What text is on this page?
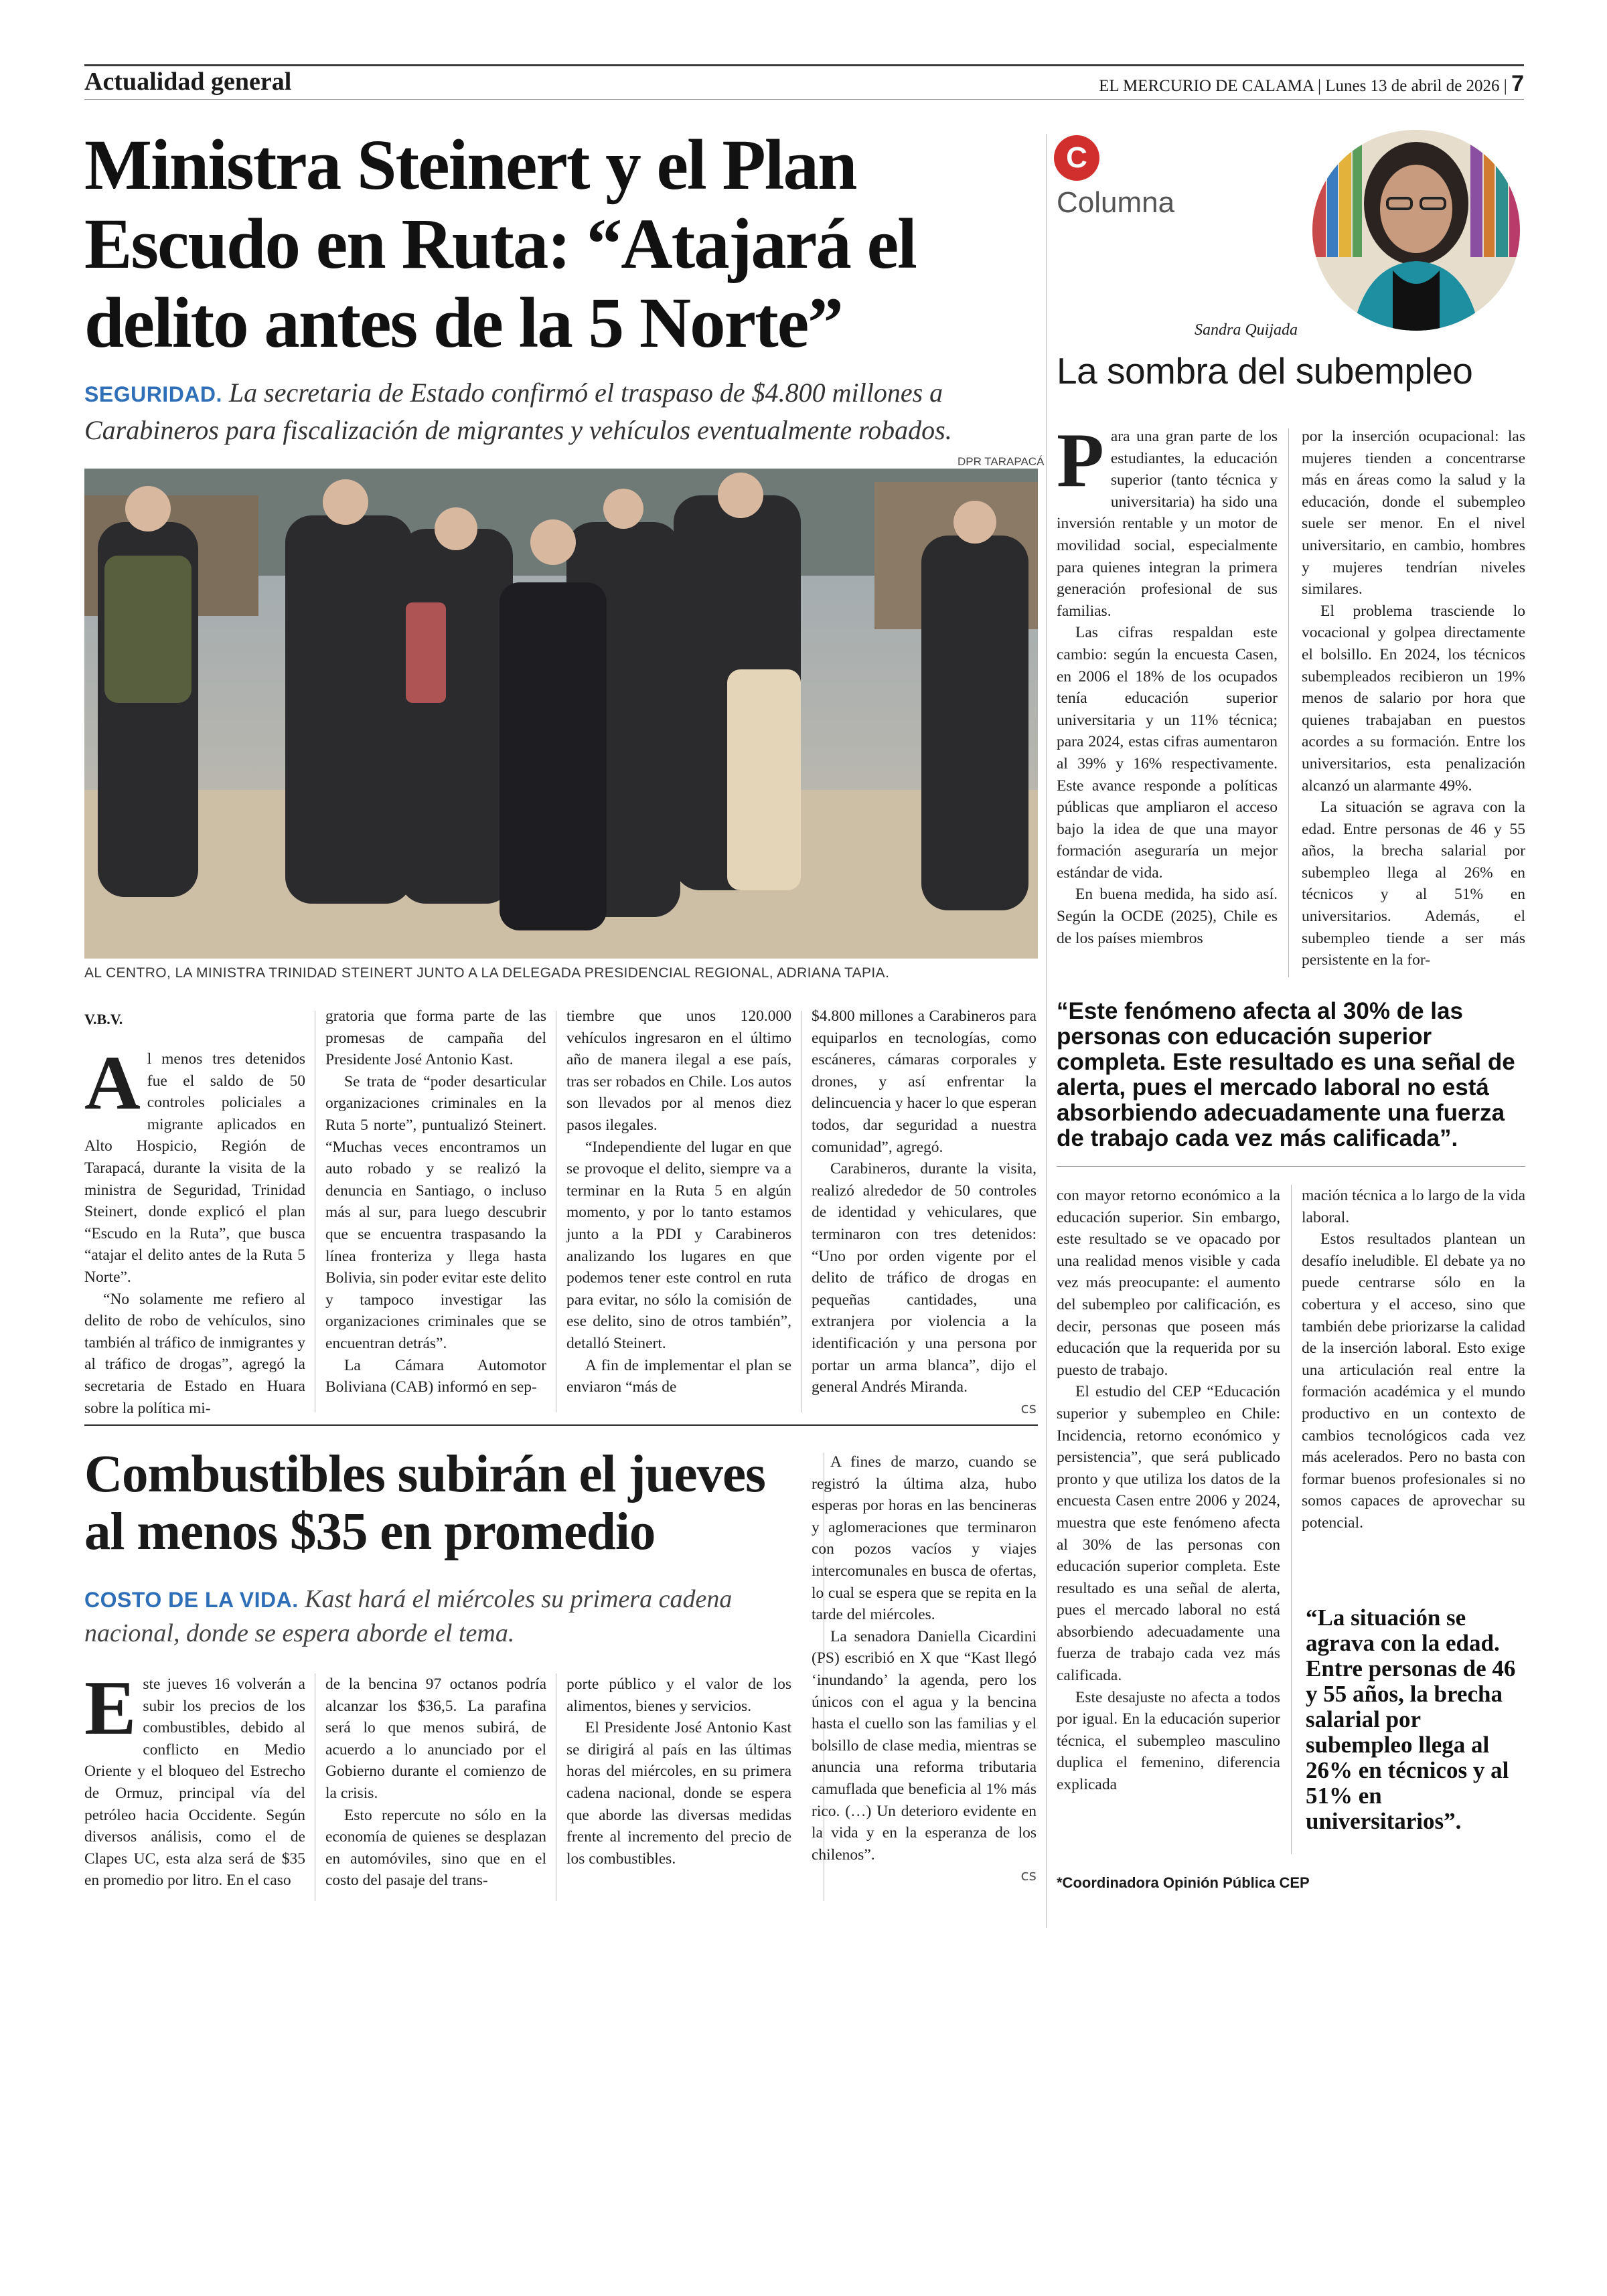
Actualidad general	EL MERCURIO DE CALAMA | Lunes 13 de abril de 2026 | 7
Ministra Steinert y el Plan Escudo en Ruta: “Atajará el delito antes de la 5 Norte”
SEGURIDAD. La secretaria de Estado confirmó el traspaso de $4.800 millones a Carabineros para fiscalización de migrantes y vehículos eventualmente robados.
DPR TARAPACÁ
AL CENTRO, LA MINISTRA TRINIDAD STEINERT JUNTO A LA DELEGADA PRESIDENCIAL REGIONAL, ADRIANA TAPIA.
V.B.V.

Al menos tres detenidos fue el saldo de 50 controles policiales a migrante aplicados en Alto Hospicio, Región de Tarapacá, durante la visita de la ministra de Seguridad, Trinidad Steinert, donde explicó el plan “Escudo en la Ruta”, que busca “atajar el delito antes de la Ruta 5 Norte”.

“No solamente me refiero al delito de robo de vehículos, sino también al tráfico de inmigrantes y al tráfico de drogas”, agregó la secretaria de Estado en Huara sobre la política mi-

gratoria que forma parte de las promesas de campaña del Presidente José Antonio Kast.

Se trata de “poder desarticular organizaciones criminales en la Ruta 5 norte”, puntualizó Steinert. “Muchas veces encontramos un auto robado y se realizó la denuncia en Santiago, o incluso más al sur, para luego descubrir que se encuentra traspasando la línea fronteriza y llega hasta Bolivia, sin poder evitar este delito y tampoco investigar las organizaciones criminales que se encuentran detrás”.

La Cámara Automotor Boliviana (CAB) informó en sep-

tiembre que unos 120.000 vehículos ingresaron en el último año de manera ilegal a ese país, tras ser robados en Chile. Los autos son llevados por al menos diez pasos ilegales.

“Independiente del lugar en que se provoque el delito, siempre va a terminar en la Ruta 5 en algún momento, y por lo tanto estamos junto a la PDI y Carabineros analizando los lugares en que podemos tener este control en ruta para evitar, no sólo la comisión de ese delito, sino de otros también”, detalló Steinert.

A fin de implementar el plan se enviaron “más de

$4.800 millones a Carabineros para equiparlos en tecnologías, como escáneres, cámaras corporales y drones, y así enfrentar la delincuencia y hacer lo que esperan todos, dar seguridad a nuestra comunidad”, agregó.

Carabineros, durante la visita, realizó alrededor de 50 controles de identidad y vehiculares, que terminaron con tres detenidos: “Uno por orden vigente por el delito de tráfico de drogas en pequeñas cantidades, una extranjera por violencia a la identificación y una persona por portar un arma blanca”, dijo el general Andrés Miranda.

cs
Combustibles subirán el jueves al menos $35 en promedio
COSTO DE LA VIDA. Kast hará el miércoles su primera cadena nacional, donde se espera aborde el tema.

Este jueves 16 volverán a subir los precios de los combustibles, debido al conflicto en Medio Oriente y el bloqueo del Estrecho de Ormuz, principal vía del petróleo hacia Occidente. Según diversos análisis, como el de Clapes UC, esta alza será de $35 en promedio por litro. En el caso

de la bencina 97 octanos podría alcanzar los $36,5. La parafina será lo que menos subirá, de acuerdo a lo anunciado por el Gobierno durante el comienzo de la crisis.

Esto repercute no sólo en la economía de quienes se desplazan en automóviles, sino que en el costo del pasaje del trans-

porte público y el valor de los alimentos, bienes y servicios.

El Presidente José Antonio Kast se dirigirá al país en las últimas horas del miércoles, en su primera cadena nacional, donde se espera que aborde las diversas medidas frente al incremento del precio de los combustibles.

A fines de marzo, cuando se registró la última alza, hubo esperas por horas en las bencineras y aglomeraciones que terminaron con pozos vacíos y viajes intercomunales en busca de ofertas, lo cual se espera que se repita en la tarde del miércoles.

La senadora Daniella Cicardini (PS) escribió en X que “Kast llegó ‘inundando’ la agenda, pero los únicos con el agua y la bencina hasta el cuello son las familias y el bolsillo de clase media, mientras se anuncia una reforma tributaria camuflada que beneficia al 1% más rico. (…) Un deterioro evidente en la vida y en la esperanza de los chilenos”.

cs
C
Columna
Sandra Quijada
La sombra del subempleo

Para una gran parte de los estudiantes, la educación superior (tanto técnica y universitaria) ha sido una inversión rentable y un motor de movilidad social, especialmente para quienes integran la primera generación profesional de sus familias.

Las cifras respaldan este cambio: según la encuesta Casen, en 2006 el 18% de los ocupados tenía educación superior universitaria y un 11% técnica; para 2024, estas cifras aumentaron al 39% y 16% respectivamente. Este avance responde a políticas públicas que ampliaron el acceso bajo la idea de que una mayor formación aseguraría un mejor estándar de vida.

En buena medida, ha sido así. Según la OCDE (2025), Chile es de los países miembros

por la inserción ocupacional: las mujeres tienden a concentrarse más en áreas como la salud y la educación, donde el subempleo suele ser menor. En el nivel universitario, en cambio, hombres y mujeres tendrían niveles similares.

El problema trasciende lo vocacional y golpea directamente el bolsillo. En 2024, los técnicos subempleados recibieron un 19% menos de salario por hora que quienes trabajaban en puestos acordes a su formación. Entre los universitarios, esta penalización alcanzó un alarmante 49%.

La situación se agrava con la edad. Entre personas de 46 y 55 años, la brecha salarial por subempleo llega al 26% en técnicos y al 51% en universitarios. Además, el subempleo tiende a ser más persistente en la for-

“Este fenómeno afecta al 30% de las personas con educación superior completa. Este resultado es una señal de alerta, pues el mercado laboral no está absorbiendo adecuadamente una fuerza de trabajo cada vez más calificada”.

con mayor retorno económico a la educación superior. Sin embargo, este resultado se ve opacado por una realidad menos visible y cada vez más preocupante: el aumento del subempleo por calificación, es decir, personas que poseen más educación que la requerida por su puesto de trabajo.

El estudio del CEP “Educación superior y subempleo en Chile: Incidencia, retorno económico y persistencia”, que será publicado pronto y que utiliza los datos de la encuesta Casen entre 2006 y 2024, muestra que este fenómeno afecta al 30% de las personas con educación superior completa. Este resultado es una señal de alerta, pues el mercado laboral no está absorbiendo adecuadamente una fuerza de trabajo cada vez más calificada.

Este desajuste no afecta a todos por igual. En la educación superior técnica, el subempleo masculino duplica el femenino, diferencia explicada

mación técnica a lo largo de la vida laboral.

Estos resultados plantean un desafío ineludible. El debate ya no puede centrarse sólo en la cobertura y el acceso, sino que también debe priorizarse la calidad de la inserción laboral. Esto exige una articulación real entre la formación académica y el mundo productivo en un contexto de cambios tecnológicos cada vez más acelerados. Pero no basta con formar buenos profesionales si no somos capaces de aprovechar su potencial.

“La situación se agrava con la edad. Entre personas de 46 y 55 años, la brecha salarial por subempleo llega al 26% en técnicos y al 51% en universitarios”.
*Coordinadora Opinión Pública CEP
